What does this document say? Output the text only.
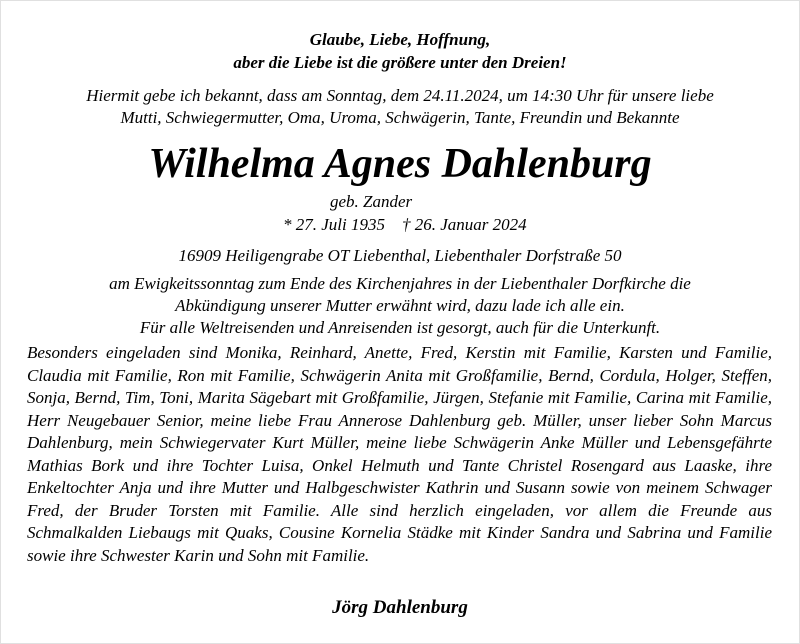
Glaube, Liebe, Hoffnung,
aber die Liebe ist die größere unter den Dreien!
Hiermit gebe ich bekannt, dass am Sonntag, dem 24.11.2024, um 14:30 Uhr für unsere liebe
Mutti, Schwiegermutter, Oma, Uroma, Schwägerin, Tante, Freundin und Bekannte
Wilhelma Agnes Dahlenburg
geb. Zander
* 27. Juli 1935    † 26. Januar 2024
16909 Heiligengrabe OT Liebenthal, Liebenthaler Dorfstraße 50
am Ewigkeitssonntag zum Ende des Kirchenjahres in der Liebenthaler Dorfkirche die
Abkündigung unserer Mutter erwähnt wird, dazu lade ich alle ein.
Für alle Weltreisenden und Anreisenden ist gesorgt, auch für die Unterkunft.
Besonders eingeladen sind Monika, Reinhard, Anette, Fred, Kerstin mit Familie, Karsten und Familie, Claudia mit Familie, Ron mit Familie, Schwägerin Anita mit Großfamilie, Bernd, Cordula, Holger, Steffen, Sonja, Bernd, Tim, Toni, Marita Sägebart mit Großfamilie, Jürgen, Stefanie mit Familie, Carina mit Familie, Herr Neugebauer Senior, meine liebe Frau Annerose Dahlenburg geb. Müller, unser lieber Sohn Marcus Dahlenburg, mein Schwiegervater Kurt Müller, meine liebe Schwägerin Anke Müller und Lebensgefährte Mathias Bork und ihre Tochter Luisa, Onkel Helmuth und Tante Christel Rosengard aus Laaske, ihre Enkeltochter Anja und ihre Mutter und Halbgeschwister Kathrin und Susann sowie von meinem Schwager Fred, der Bruder Torsten mit Familie. Alle sind herzlich eingeladen, vor allem die Freunde aus Schmalkalden Liebaugs mit Quaks, Cousine Kornelia Städke mit Kinder Sandra und Sabrina und Familie sowie ihre Schwester Karin und Sohn mit Familie.
Jörg Dahlenburg
